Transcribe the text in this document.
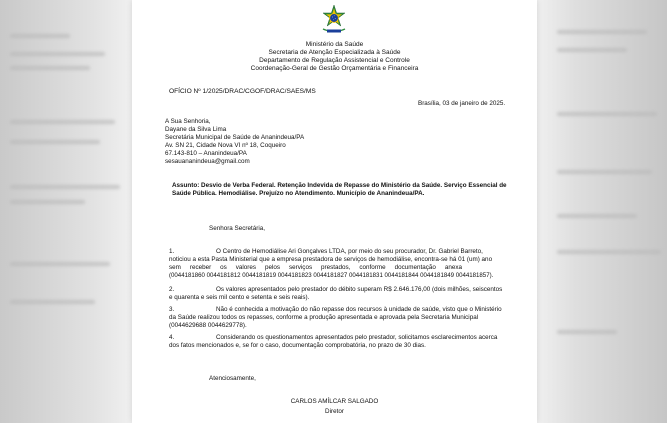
Ministério da Saúde
Secretaria de Atenção Especializada à Saúde
Departamento de Regulação Assistencial e Controle
Coordenação-Geral de Gestão Orçamentária e Financeira
OFÍCIO Nº 1/2025/DRAC/CGOF/DRAC/SAES/MS
Brasília, 03 de janeiro de 2025.
A Sua Senhoria,
Dayane da Silva Lima
Secretária Municipal de Saúde de Ananindeua/PA
Av. SN 21, Cidade Nova VI nº 18, Coqueiro
67.143-810 – Ananindeua/PA
sesauananindeua@gmail.com
Assunto: Desvio de Verba Federal. Retenção Indevida de Repasse do Ministério da Saúde. Serviço Essencial de
Saúde Pública. Hemodiálise. Prejuízo no Atendimento. Município de Ananindeua/PA.
Senhora Secretária,
1.	O Centro de Hemodiálise Ari Gonçalves LTDA, por meio do seu procurador, Dr. Gabriel Barreto,
noticiou a esta Pasta Ministerial que a empresa prestadora de serviços de hemodiálise, encontra-se há 01 (um) ano
sem receber os valores pelos serviços prestados, conforme documentação anexa
(0044181860 0044181812 0044181819 0044181823 0044181827 0044181831 0044181844 0044181849 0044181857).
2.	Os valores apresentados pelo prestador do débito superam R$ 2.646.176,00 (dois milhões, seiscentos
e quarenta e seis mil cento e setenta e seis reais).
3.	Não é conhecida a motivação do não repasse dos recursos à unidade de saúde, visto que o Ministério
da Saúde realizou todos os repasses, conforme a produção apresentada e aprovada pela Secretaria Municipal
(0044629688 0044629778).
4.	Considerando os questionamentos apresentados pelo prestador, solicitamos esclarecimentos acerca
dos fatos mencionados e, se for o caso, documentação comprobatória, no prazo de 30 dias.
Atenciosamente,
CARLOS AMÍLCAR SALGADO
Diretor
